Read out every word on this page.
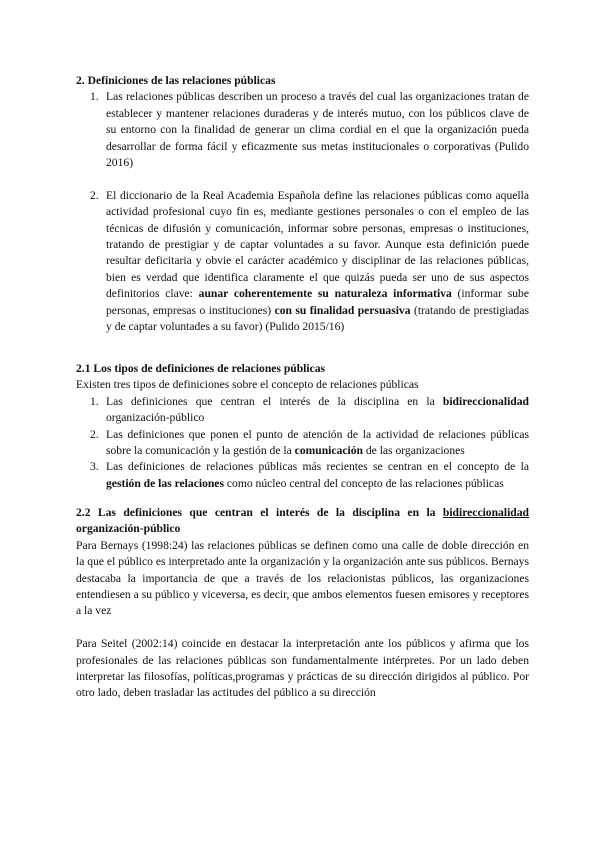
2. Definiciones de las relaciones públicas

1. Las relaciones públicas describen un proceso a través del cual las organizaciones tratan de establecer y mantener relaciones duraderas y de interés mutuo, con los públicos clave de su entorno con la finalidad de generar un clima cordial en el que la organización pueda desarrollar de forma fácil y eficazmente sus metas institucionales o corporativas (Pulido 2016)
2. El diccionario de la Real Academia Española define las relaciones públicas como aquella actividad profesional cuyo fin es, mediante gestiones personales o con el empleo de las técnicas de difusión y comunicación, informar sobre personas, empresas o instituciones, tratando de prestigiar y de captar voluntades a su favor. Aunque esta definición puede resultar deficitaria y obvie el carácter académico y disciplinar de las relaciones públicas, bien es verdad que identifica claramente el que quizás pueda ser uno de sus aspectos definitorios clave: aunar coherentemente su naturaleza informativa (informar sube personas, empresas o instituciones) con su finalidad persuasiva (tratando de prestigiadas y de captar voluntades a su favor) (Pulido 2015/16)

2.1 Los tipos de definiciones de relaciones públicas

Existen tres tipos de definiciones sobre el concepto de relaciones públicas

1. Las definiciones que centran el interés de la disciplina en la bidireccionalidad organización-público
2. Las definiciones que ponen el punto de atención de la actividad de relaciones públicas sobre la comunicación y la gestión de la comunicación de las organizaciones
3. Las definiciones de relaciones públicas más recientes se centran en el concepto de la gestión de las relaciones como núcleo central del concepto de las relaciones públicas

2.2 Las definiciones que centran el interés de la disciplina en la bidireccionalidad organización-público

Para Bernays (1998:24) las relaciones públicas se definen como una calle de doble dirección en la que el público es interpretado ante la organización y la organización ante sus públicos. Bernays destacaba la importancia de que a través de los relacionistas públicos, las organizaciones entendiesen a su público y viceversa, es decir, que ambos elementos fuesen emisores y receptores a la vez

Para Seitel (2002:14) coincide en destacar la interpretación ante los públicos y afirma que los profesionales de las relaciones públicas son fundamentalmente intérpretes. Por un lado deben interpretar las filosofías, políticas,programas y prácticas de su dirección dirigidos al público. Por otro lado, deben trasladar las actitudes del público a su dirección
